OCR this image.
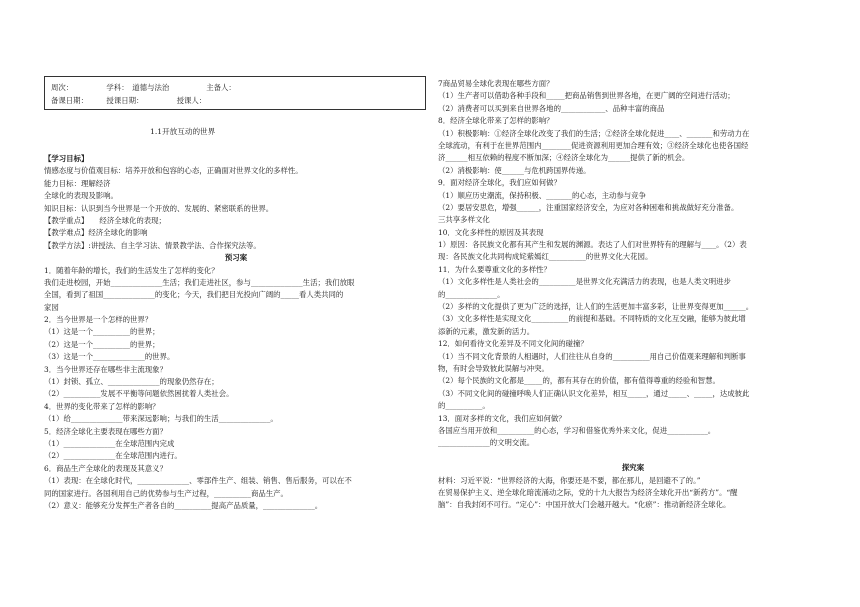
周次：　　　　　学科：　道德与法治　　　　　主备人：
备课日期：　　　授课日期：　　　　　授课人：
1.1开放互动的世界
【学习目标】
情感态度与价值观目标：培养开放和包容的心态，正确面对世界文化的多样性。
能力目标：理解经济
全球化的表现及影响。
知识目标：认识到当今世界是一个开放的、发展的、紧密联系的世界。
【教学重点】　　经济全球化的表现；
【教学难点】经济全球化的影响
【教学方法】:讲授法、自主学习法、情景教学法、合作探究法等。
预习案
1．随着年龄的增长，我们的生活发生了怎样的变化？
我们走进校园，开始______________生活；我们走进社区，参与______________生活；我们放眼
全国，看到了祖国______________的变化；今天，我们把目光投向广阔的_____看人类共同的
家园
2．当今世界是一个怎样的世界？
（1）这是一个__________的世界；
（2）这是一个__________的世界；
（3）这是一个______________的世界。
3．当今世界还存在哪些非主流现象？
（1）封锁、孤立、______________的现象仍然存在；
（2）__________发展不平衡等问题依然困扰着人类社会。
4．世界的变化带来了怎样的影响？
（1）给______________带来深远影响；与我们的生活______________。
5．经济全球化主要表现在哪些方面？
（1）______________在全球范围内完成
（2）______________在全球范围内进行。
6．商品生产全球化的表现及其意义？
（1）表现：在全球化时代，______________、零部件生产、组装、销售、售后服务，可以在不
同的国家进行。各国利用自己的优势参与生产过程，__________商品生产。
（2）意义：能够充分发挥生产者各自的__________提高产品质量，______________。
7商品贸易全球化表现在哪些方面？
（1）生产者可以借助各种手段和_____把商品销售到世界各地，在更广阔的空间进行活动；
（2）消费者可以买到来自世界各地的____________、品种丰富的商品
8．经济全球化带来了怎样的影响？
（1）积极影响：①经济全球化改变了我们的生活；②经济全球化促进____、_______和劳动力在
全球流动，有利于在世界范围内________促进资源利用更加合理有效；③经济全球化也使各国经
济______相互依赖的程度不断加深；④经济全球化为______提供了新的机会。
（2）消极影响：使______与危机跨国界传递。
9．面对经济全球化，我们应如何做？
（1）顺应历史潮流，保持积极、_______的心态，主动参与竞争
（2）要居安思危，增强______，注重国家经济安全，为应对各种困难和挑战做好充分准备。
三共享多样文化
10．文化多样性的原因及其表现
1）原因：各民族文化都有其产生和发展的渊源。表达了人们对世界特有的理解与____。（2）表
现：各民族文化共同构成姹紫嫣红__________的世界文化大花园。
11．为什么要尊重文化的多样性？
（1）文化多样性是人类社会的__________是世界文化充满活力的表现，也是人类文明进步
的______________。
（2）多样的文化提供了更为广泛的选择，让人们的生活更加丰富多彩，让世界变得更加______。
（3）文化多样性是实现文化__________的前提和基础。不同特质的文化互交融，能够为彼此增
添新的元素，激发新的活力。
12．如何看待文化差异及不同文化间的碰撞？
（1）当不同文化背景的人相遇时，人们往往从自身的__________用自己价值观来理解和判断事
物，有时会导致彼此误解与冲突。
（2）每个民族的文化都是_____的，都有其存在的价值，都有值得尊重的经验和智慧。
（3）不同文化间的碰撞呼唤人们正确认识文化差异，相互_____，通过_____、_____，达成彼此
的__________。
13．面对多样的文化，我们应如何做？
各国应当用开放和__________的心态，学习和借鉴优秀外来文化，促进___________。
______________的文明交流。
探究案
材料：习近平说：“世界经济的大海，你要还是不要，都在那儿，是回避不了的。”
在贸易保护主义、逆全球化暗流涌动之际，党的十九大报告为经济全球化开出“新药方”。“醒
脑”：自我封闭不可行。“定心”：中国开放大门会越开越大。“化瘀”：推动新经济全球化。
